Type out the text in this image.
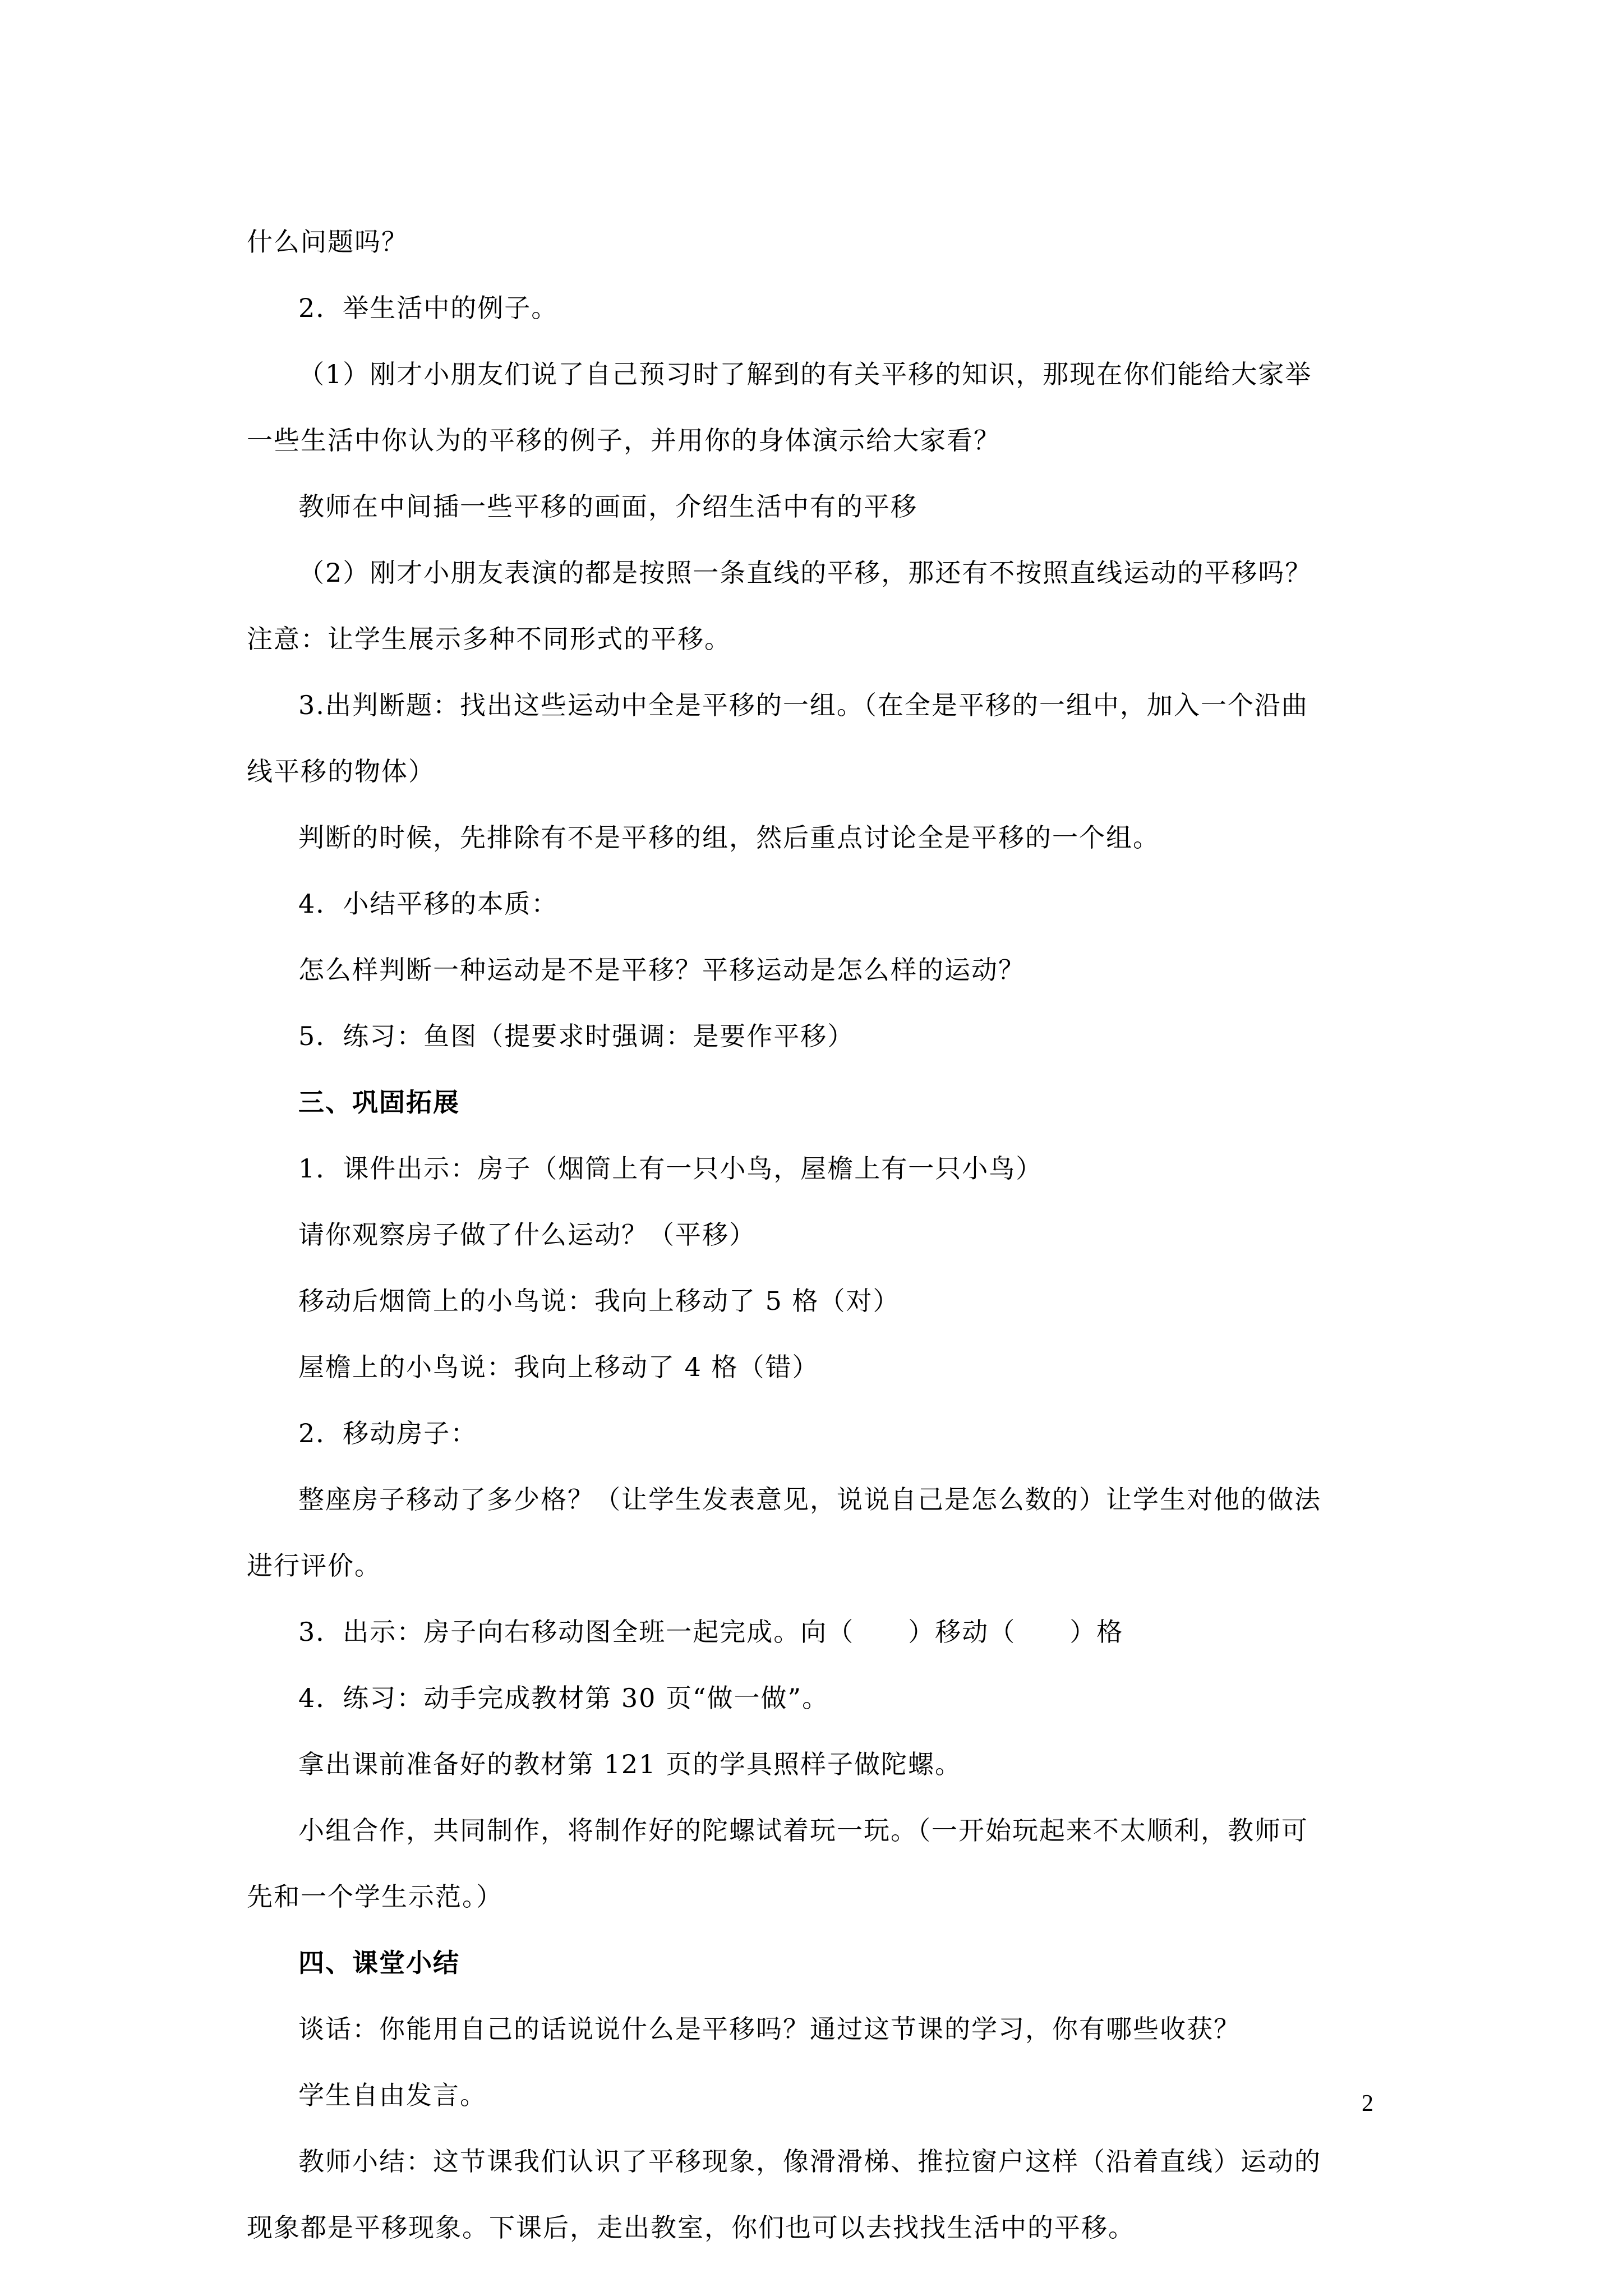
什么问题吗？
2．举生活中的例子。
（1）刚才小朋友们说了自己预习时了解到的有关平移的知识，那现在你们能给大家举
一些生活中你认为的平移的例子，并用你的身体演示给大家看？
教师在中间插一些平移的画面，介绍生活中有的平移
（2）刚才小朋友表演的都是按照一条直线的平移，那还有不按照直线运动的平移吗？
注意：让学生展示多种不同形式的平移。
3.出判断题：找出这些运动中全是平移的一组。（在全是平移的一组中，加入一个沿曲
线平移的物体）
判断的时候，先排除有不是平移的组，然后重点讨论全是平移的一个组。
4．小结平移的本质：
怎么样判断一种运动是不是平移？平移运动是怎么样的运动？
5．练习：鱼图（提要求时强调：是要作平移）
三、巩固拓展
1．课件出示：房子（烟筒上有一只小鸟，屋檐上有一只小鸟）
请你观察房子做了什么运动？（平移）
移动后烟筒上的小鸟说：我向上移动了 5 格（对）
屋檐上的小鸟说：我向上移动了 4 格（错）
2．移动房子：
整座房子移动了多少格？（让学生发表意见，说说自己是怎么数的）让学生对他的做法
进行评价。
3．出示：房子向右移动图全班一起完成。向（　　）移动（　　）格
4．练习：动手完成教材第 30 页“做一做”。
拿出课前准备好的教材第 121 页的学具照样子做陀螺。
小组合作，共同制作，将制作好的陀螺试着玩一玩。（一开始玩起来不太顺利，教师可
先和一个学生示范。）
四、课堂小结
谈话：你能用自己的话说说什么是平移吗？通过这节课的学习，你有哪些收获？
学生自由发言。
教师小结：这节课我们认识了平移现象，像滑滑梯、推拉窗户这样（沿着直线）运动的
现象都是平移现象。下课后，走出教室，你们也可以去找找生活中的平移。
2
